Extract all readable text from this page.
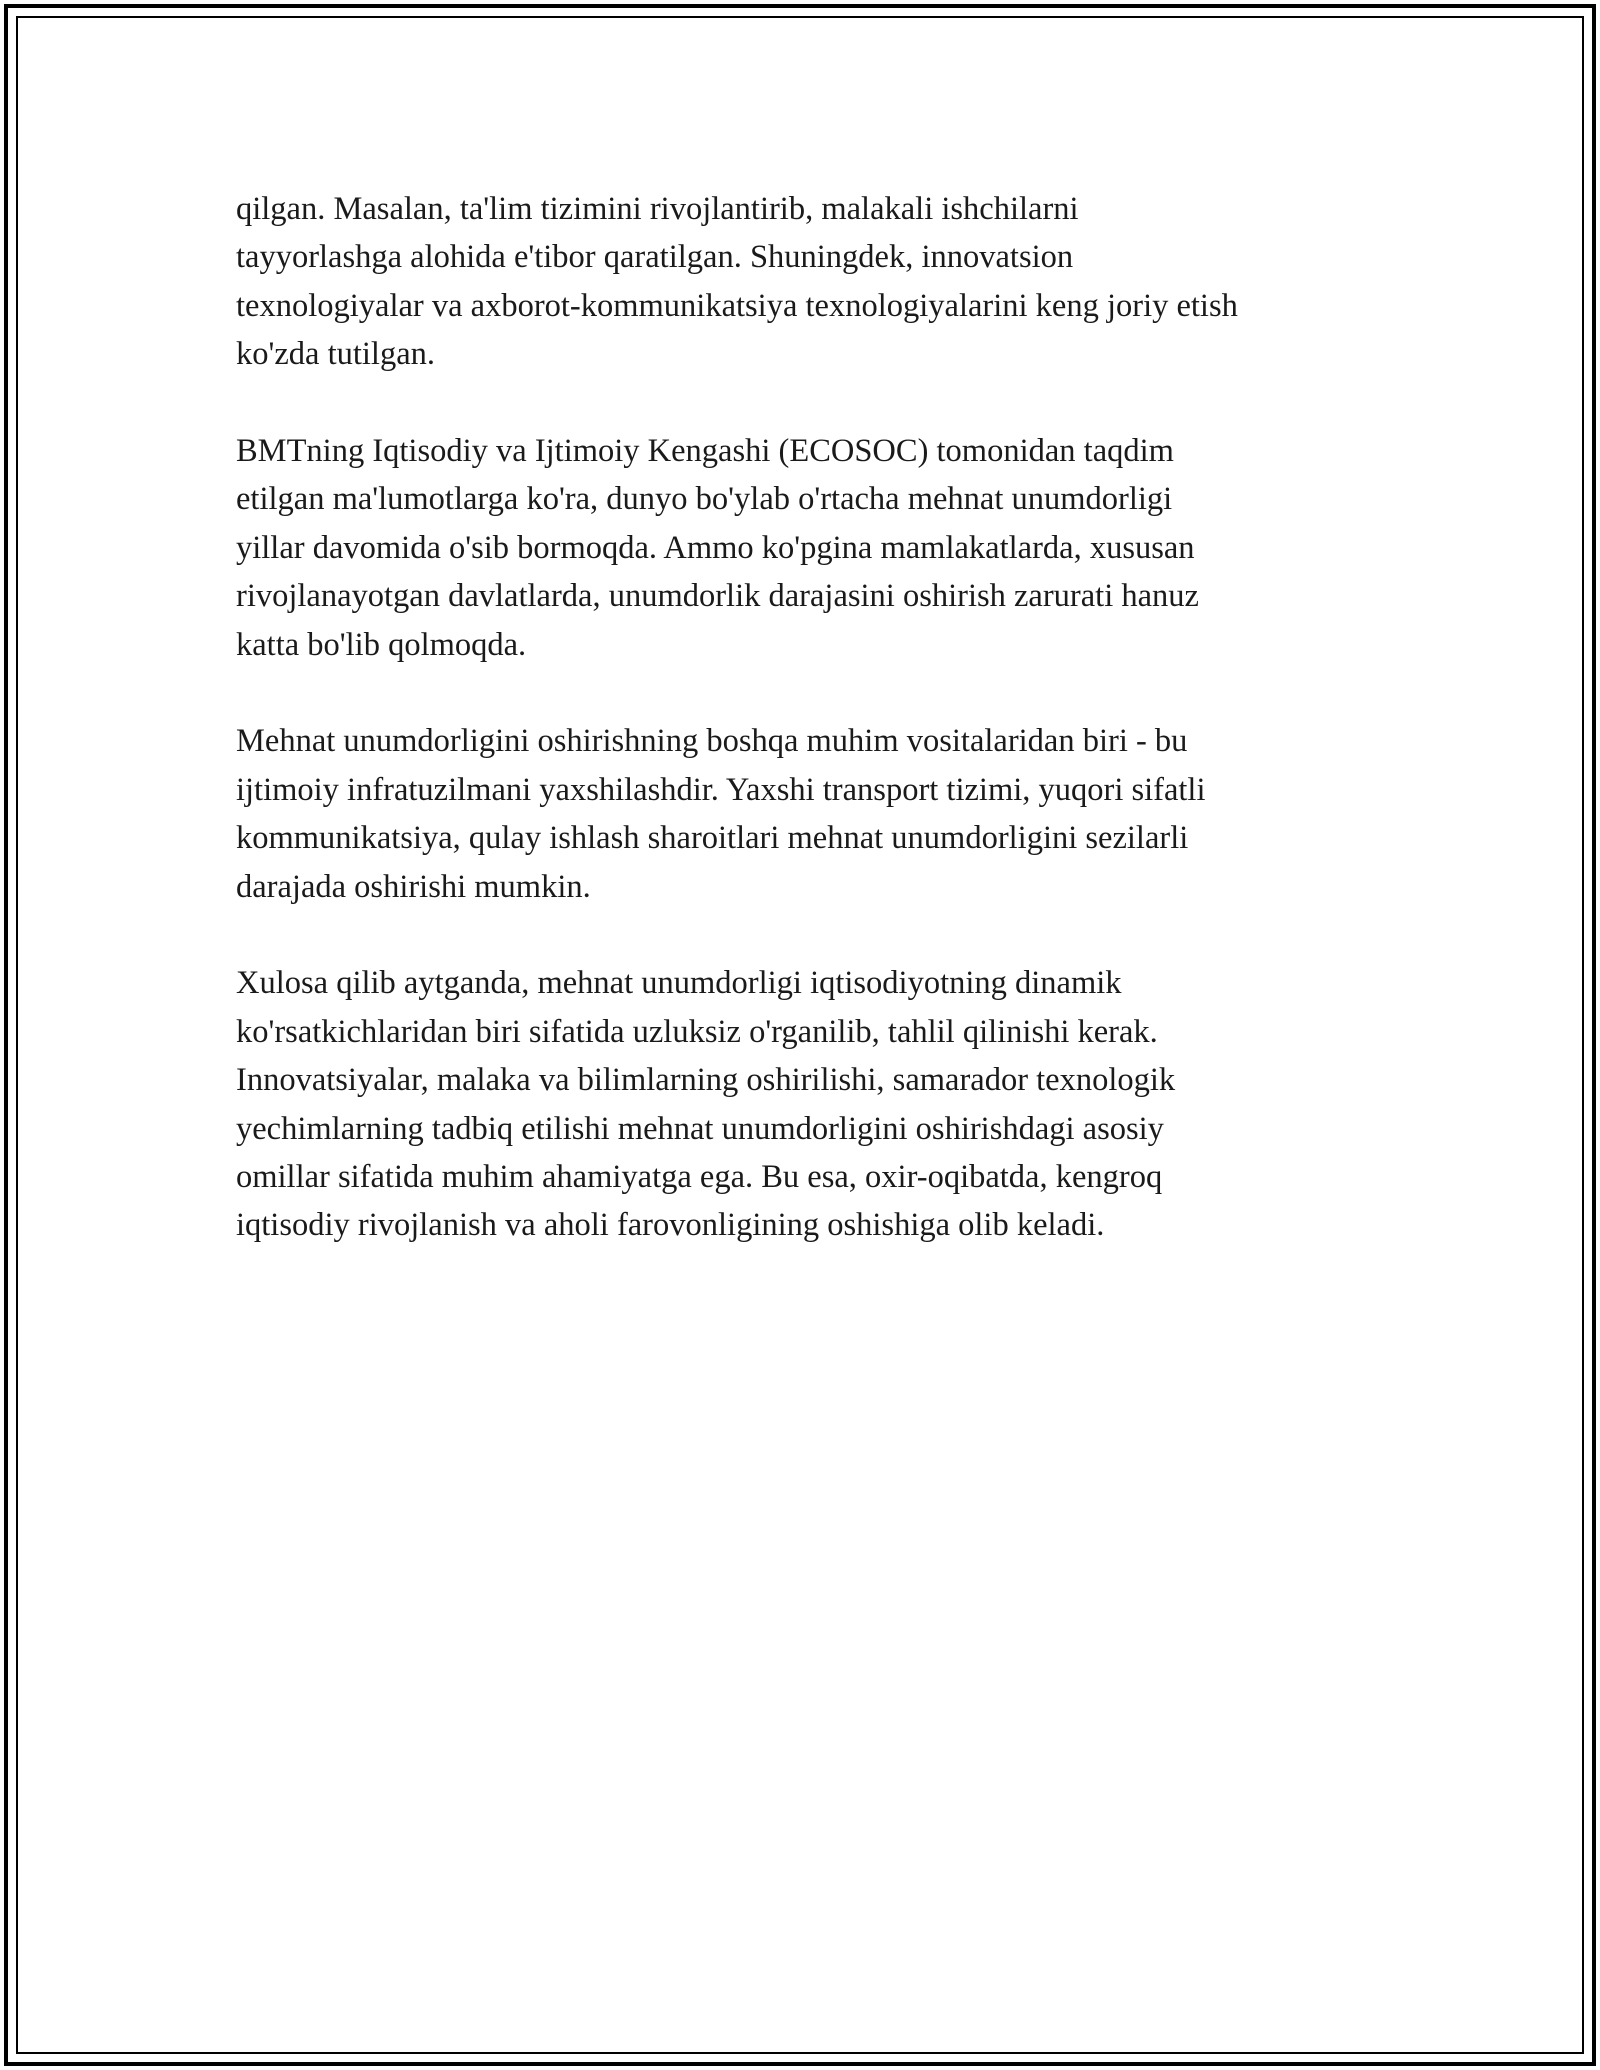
qilgan. Masalan, ta'lim tizimini rivojlantirib, malakali ishchilarni
tayyorlashga alohida e'tibor qaratilgan. Shuningdek, innovatsion
texnologiyalar va axborot-kommunikatsiya texnologiyalarini keng joriy etish
ko'zda tutilgan.

BMTning Iqtisodiy va Ijtimoiy Kengashi (ECOSOC) tomonidan taqdim
etilgan ma'lumotlarga ko'ra, dunyo bo'ylab o'rtacha mehnat unumdorligi
yillar davomida o'sib bormoqda. Ammo ko'pgina mamlakatlarda, xususan
rivojlanayotgan davlatlarda, unumdorlik darajasini oshirish zarurati hanuz
katta bo'lib qolmoqda.

Mehnat unumdorligini oshirishning boshqa muhim vositalaridan biri - bu
ijtimoiy infratuzilmani yaxshilashdir. Yaxshi transport tizimi, yuqori sifatli
kommunikatsiya, qulay ishlash sharoitlari mehnat unumdorligini sezilarli
darajada oshirishi mumkin.

Xulosa qilib aytganda, mehnat unumdorligi iqtisodiyotning dinamik
ko'rsatkichlaridan biri sifatida uzluksiz o'rganilib, tahlil qilinishi kerak.
Innovatsiyalar, malaka va bilimlarning oshirilishi, samarador texnologik
yechimlarning tadbiq etilishi mehnat unumdorligini oshirishdagi asosiy
omillar sifatida muhim ahamiyatga ega. Bu esa, oxir-oqibatda, kengroq
iqtisodiy rivojlanish va aholi farovonligining oshishiga olib keladi.
